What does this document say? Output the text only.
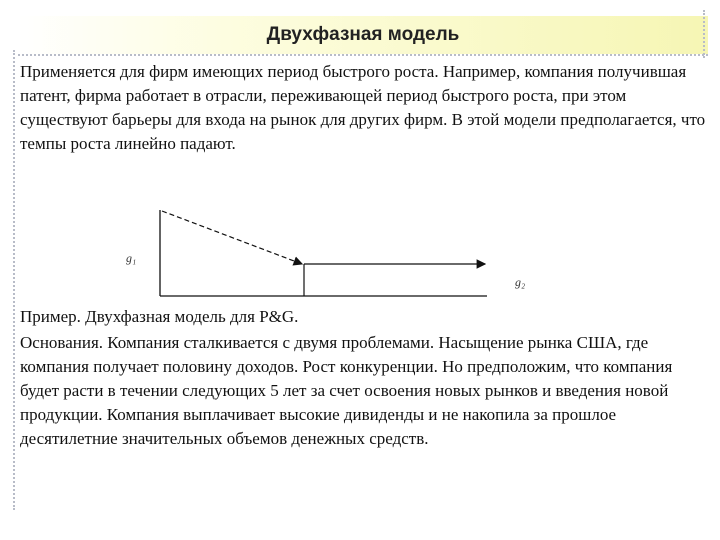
Двухфазная модель

Применяется для фирм имеющих период быстрого роста. Например, компания получившая патент, фирма работает в отрасли, переживающей период быстрого роста, при этом существуют барьеры для входа на рынок для других фирм. В этой модели предполагается, что темпы роста линейно падают.

g₁
g₂

Пример. Двухфазная модель для P&G.

Основания. Компания сталкивается с двумя проблемами. Насыщение рынка США, где компания получает половину доходов. Рост конкуренции. Но предположим, что компания будет расти в течении следующих 5 лет за счет освоения новых рынков и введения новой продукции. Компания выплачивает высокие дивиденды и не накопила за прошлое десятилетние значительных объемов денежных средств.
